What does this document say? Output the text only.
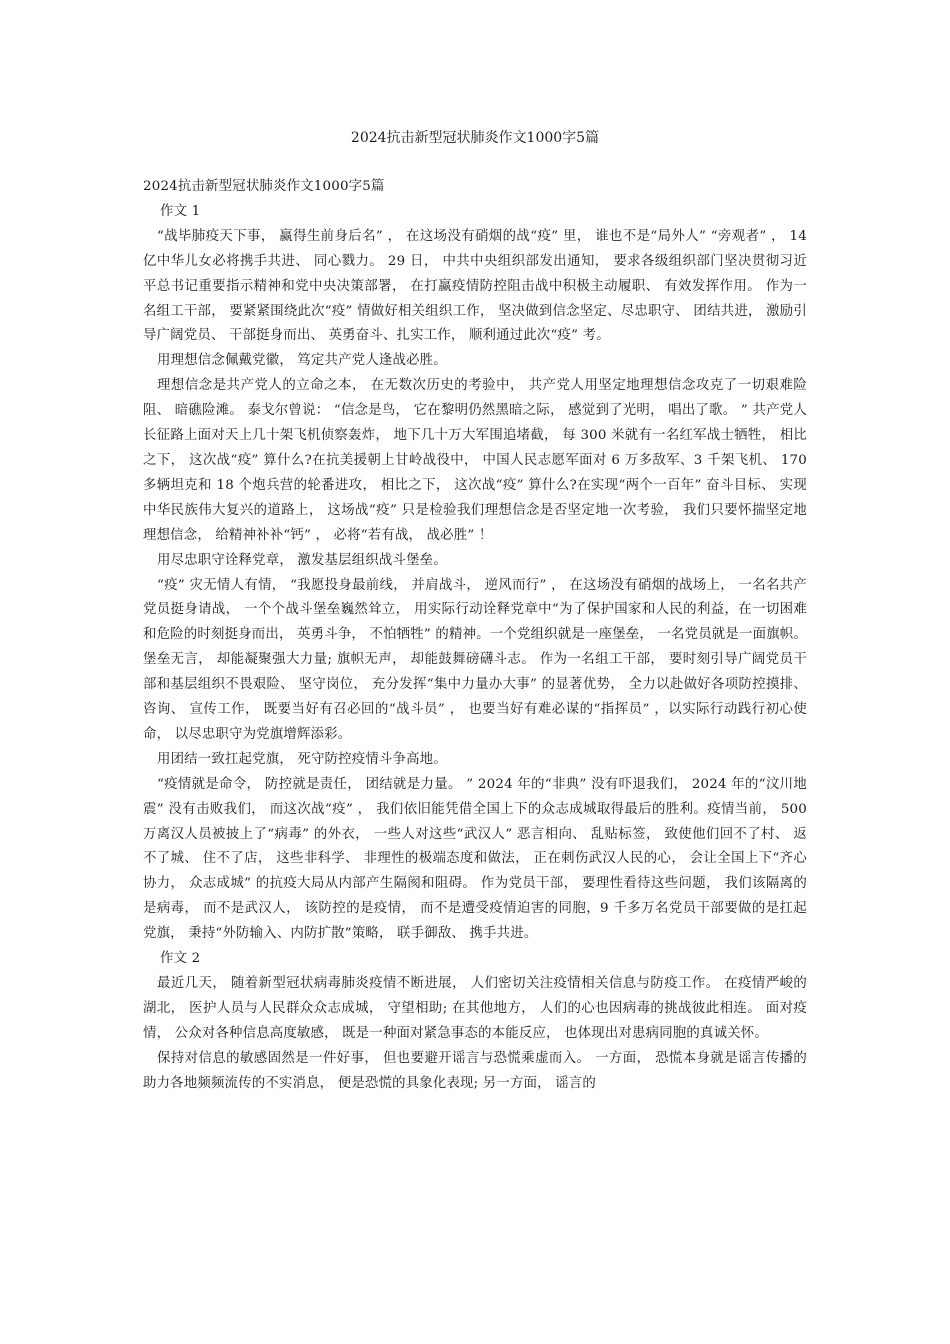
2024抗击新型冠状肺炎作文1000字5篇

2024抗击新型冠状肺炎作文1000字5篇

作文 1

“战毕肺疫天下事， 赢得生前身后名” ， 在这场没有硝烟的战“疫” 里， 谁也不是“局外人” “旁观者” ， 14 亿中华儿女必将携手共进、 同心戮力。 29 日， 中共中央组织部发出通知， 要求各级组织部门坚决贯彻习近平总书记重要指示精神和党中央决策部署， 在打赢疫情防控阻击战中积极主动履职、 有效发挥作用。 作为一名组工干部， 要紧紧围绕此次“疫” 情做好相关组织工作， 坚决做到信念坚定、尽忠职守、 团结共进， 激励引导广阔党员、 干部挺身而出、 英勇奋斗、扎实工作， 顺利通过此次“疫” 考。

用理想信念佩戴党徽， 笃定共产党人逢战必胜。

理想信念是共产党人的立命之本， 在无数次历史的考验中， 共产党人用坚定地理想信念攻克了一切艰难险阻、 暗礁险滩。 泰戈尔曾说： “信念是鸟， 它在黎明仍然黑暗之际， 感觉到了光明， 唱出了歌。 ” 共产党人长征路上面对天上几十架飞机侦察轰炸， 地下几十万大军围追堵截， 每 300 米就有一名红军战士牺牲， 相比之下， 这次战“疫” 算什么?在抗美援朝上甘岭战役中， 中国人民志愿军面对 6 万多敌军、3 千架飞机、 170 多辆坦克和 18 个炮兵营的轮番进攻， 相比之下， 这次战“疫” 算什么?在实现“两个一百年” 奋斗目标、 实现中华民族伟大复兴的道路上， 这场战“疫” 只是检验我们理想信念是否坚定地一次考验， 我们只要怀揣坚定地理想信念， 给精神补补“钙” ， 必将“若有战， 战必胜” ！

用尽忠职守诠释党章， 激发基层组织战斗堡垒。

“疫” 灾无情人有情， “我愿投身最前线， 并肩战斗， 逆风而行” ， 在这场没有硝烟的战场上， 一名名共产党员挺身请战， 一个个战斗堡垒巍然耸立， 用实际行动诠释党章中“为了保护国家和人民的利益，在一切困难和危险的时刻挺身而出， 英勇斗争， 不怕牺牲” 的精神。一个党组织就是一座堡垒， 一名党员就是一面旗帜。 堡垒无言， 却能凝聚强大力量; 旗帜无声， 却能鼓舞磅礴斗志。 作为一名组工干部， 要时刻引导广阔党员干部和基层组织不畏艰险、 坚守岗位， 充分发挥“集中力量办大事” 的显著优势， 全力以赴做好各项防控摸排、咨询、 宣传工作， 既要当好有召必回的“战斗员” ， 也要当好有难必谋的“指挥员” ，以实际行动践行初心使命， 以尽忠职守为党旗增辉添彩。

用团结一致扛起党旗， 死守防控疫情斗争高地。

“疫情就是命令， 防控就是责任， 团结就是力量。 ” 2024 年的“非典” 没有吓退我们， 2024 年的“汶川地震” 没有击败我们， 而这次战“疫” ， 我们依旧能凭借全国上下的众志成城取得最后的胜利。疫情当前， 500 万离汉人员被披上了“病毒” 的外衣， 一些人对这些“武汉人” 恶言相向、 乱贴标签， 致使他们回不了村、 返不了城、 住不了店， 这些非科学、 非理性的极端态度和做法， 正在刺伤武汉人民的心， 会让全国上下“齐心协力， 众志成城” 的抗疫大局从内部产生隔阂和阻碍。 作为党员干部， 要理性看待这些问题， 我们该隔离的是病毒， 而不是武汉人， 该防控的是疫情， 而不是遭受疫情迫害的同胞，9 千多万名党员干部要做的是扛起党旗， 秉持“外防输入、内防扩散”策略， 联手御敌、 携手共进。

作文 2

最近几天， 随着新型冠状病毒肺炎疫情不断进展， 人们密切关注疫情相关信息与防疫工作。 在疫情严峻的湖北， 医护人员与人民群众众志成城， 守望相助; 在其他地方， 人们的心也因病毒的挑战彼此相连。 面对疫情， 公众对各种信息高度敏感， 既是一种面对紧急事态的本能反应， 也体现出对患病同胞的真诚关怀。

保持对信息的敏感固然是一件好事， 但也要避开谣言与恐慌乘虚而入。 一方面， 恐慌本身就是谣言传播的助力各地频频流传的不实消息， 便是恐慌的具象化表现; 另一方面， 谣言的
